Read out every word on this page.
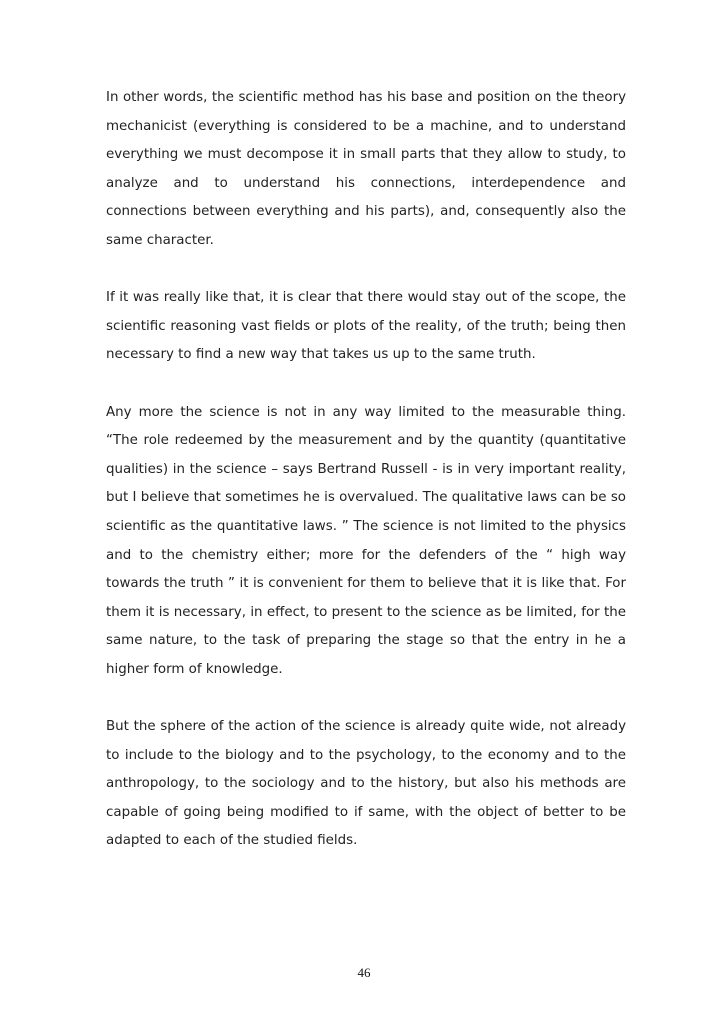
In other words, the scientific method has his base and position on the theory mechanicist (everything is considered to be a machine, and to understand everything we must decompose it in small parts that they allow to study, to analyze and to understand his connections, interdependence and connections between everything and his parts), and, consequently also the same character.

If it was really like that, it is clear that there would stay out of the scope, the scientific reasoning vast fields or plots of the reality, of the truth; being then necessary to find a new way that takes us up to the same truth.

Any more the science is not in any way limited to the measurable thing. “The role redeemed by the measurement and by the quantity (quantitative qualities) in the science – says Bertrand Russell - is in very important reality, but I believe that sometimes he is overvalued. The qualitative laws can be so scientific as the quantitative laws. ” The science is not limited to the physics and to the chemistry either; more for the defenders of the “ high way towards the truth ” it is convenient for them to believe that it is like that. For them it is necessary, in effect, to present to the science as be limited, for the same nature, to the task of preparing the stage so that the entry in he a higher form of knowledge.

But the sphere of the action of the science is already quite wide, not already to include to the biology and to the psychology, to the economy and to the anthropology, to the sociology and to the history, but also his methods are capable of going being modified to if same, with the object of better to be adapted to each of the studied fields.

46
